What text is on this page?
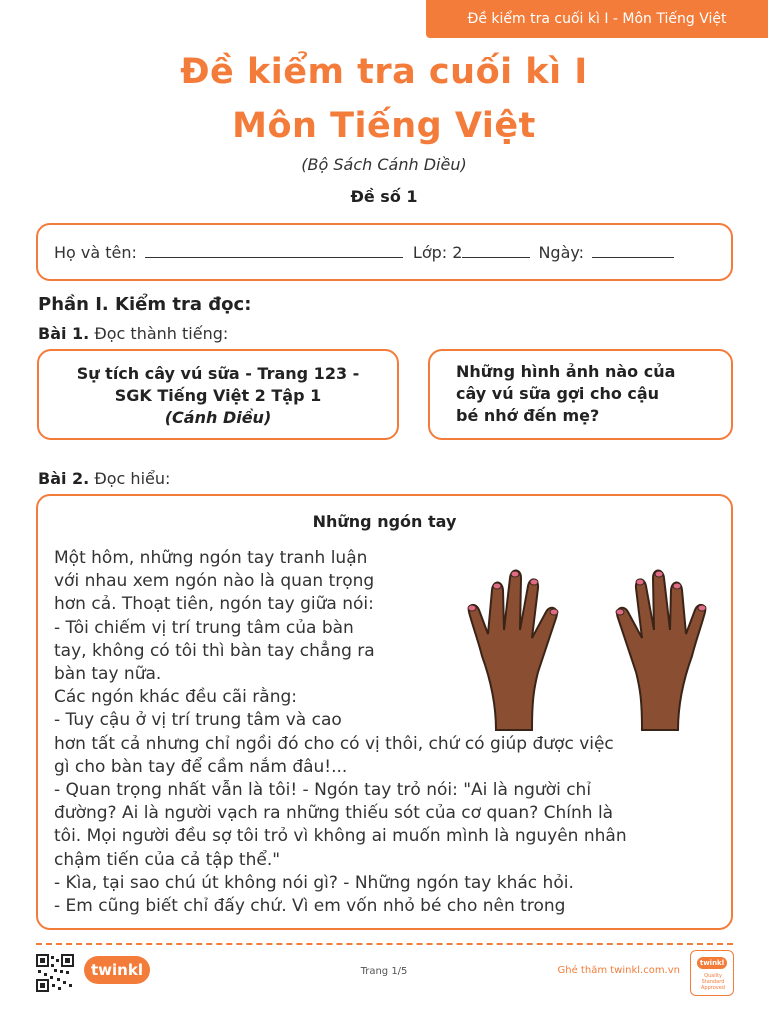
Đề kiểm tra cuối kì I - Môn Tiếng Việt
Đề kiểm tra cuối kì I
Môn Tiếng Việt
(Bộ Sách Cánh Diều)
Đề số 1
Họ và tên:	Lớp: 2	Ngày:
Phần I. Kiểm tra đọc:
Bài 1. Đọc thành tiếng:
Sự tích cây vú sữa - Trang 123 -
SGK Tiếng Việt 2 Tập 1
(Cánh Diều)
Những hình ảnh nào của
cây vú sữa gợi cho cậu
bé nhớ đến mẹ?
Bài 2. Đọc hiểu:
Những ngón tay
Một hôm, những ngón tay tranh luận
với nhau xem ngón nào là quan trọng
hơn cả. Thoạt tiên, ngón tay giữa nói:
- Tôi chiếm vị trí trung tâm của bàn
tay, không có tôi thì bàn tay chẳng ra
bàn tay nữa.
Các ngón khác đều cãi rằng:
- Tuy cậu ở vị trí trung tâm và cao
hơn tất cả nhưng chỉ ngồi đó cho có vị thôi, chứ có giúp được việc
gì cho bàn tay để cầm nắm đâu!...
- Quan trọng nhất vẫn là tôi! - Ngón tay trỏ nói: "Ai là người chỉ
đường? Ai là người vạch ra những thiếu sót của cơ quan? Chính là
tôi. Mọi người đều sợ tôi trỏ vì không ai muốn mình là nguyên nhân
chậm tiến của cả tập thể."
- Kìa, tại sao chú út không nói gì? - Những ngón tay khác hỏi.
- Em cũng biết chỉ đấy chứ. Vì em vốn nhỏ bé cho nên trong
twinkl	Trang 1/5	Ghé thăm twinkl.com.vn
twinkl
Quality Standard Approved
